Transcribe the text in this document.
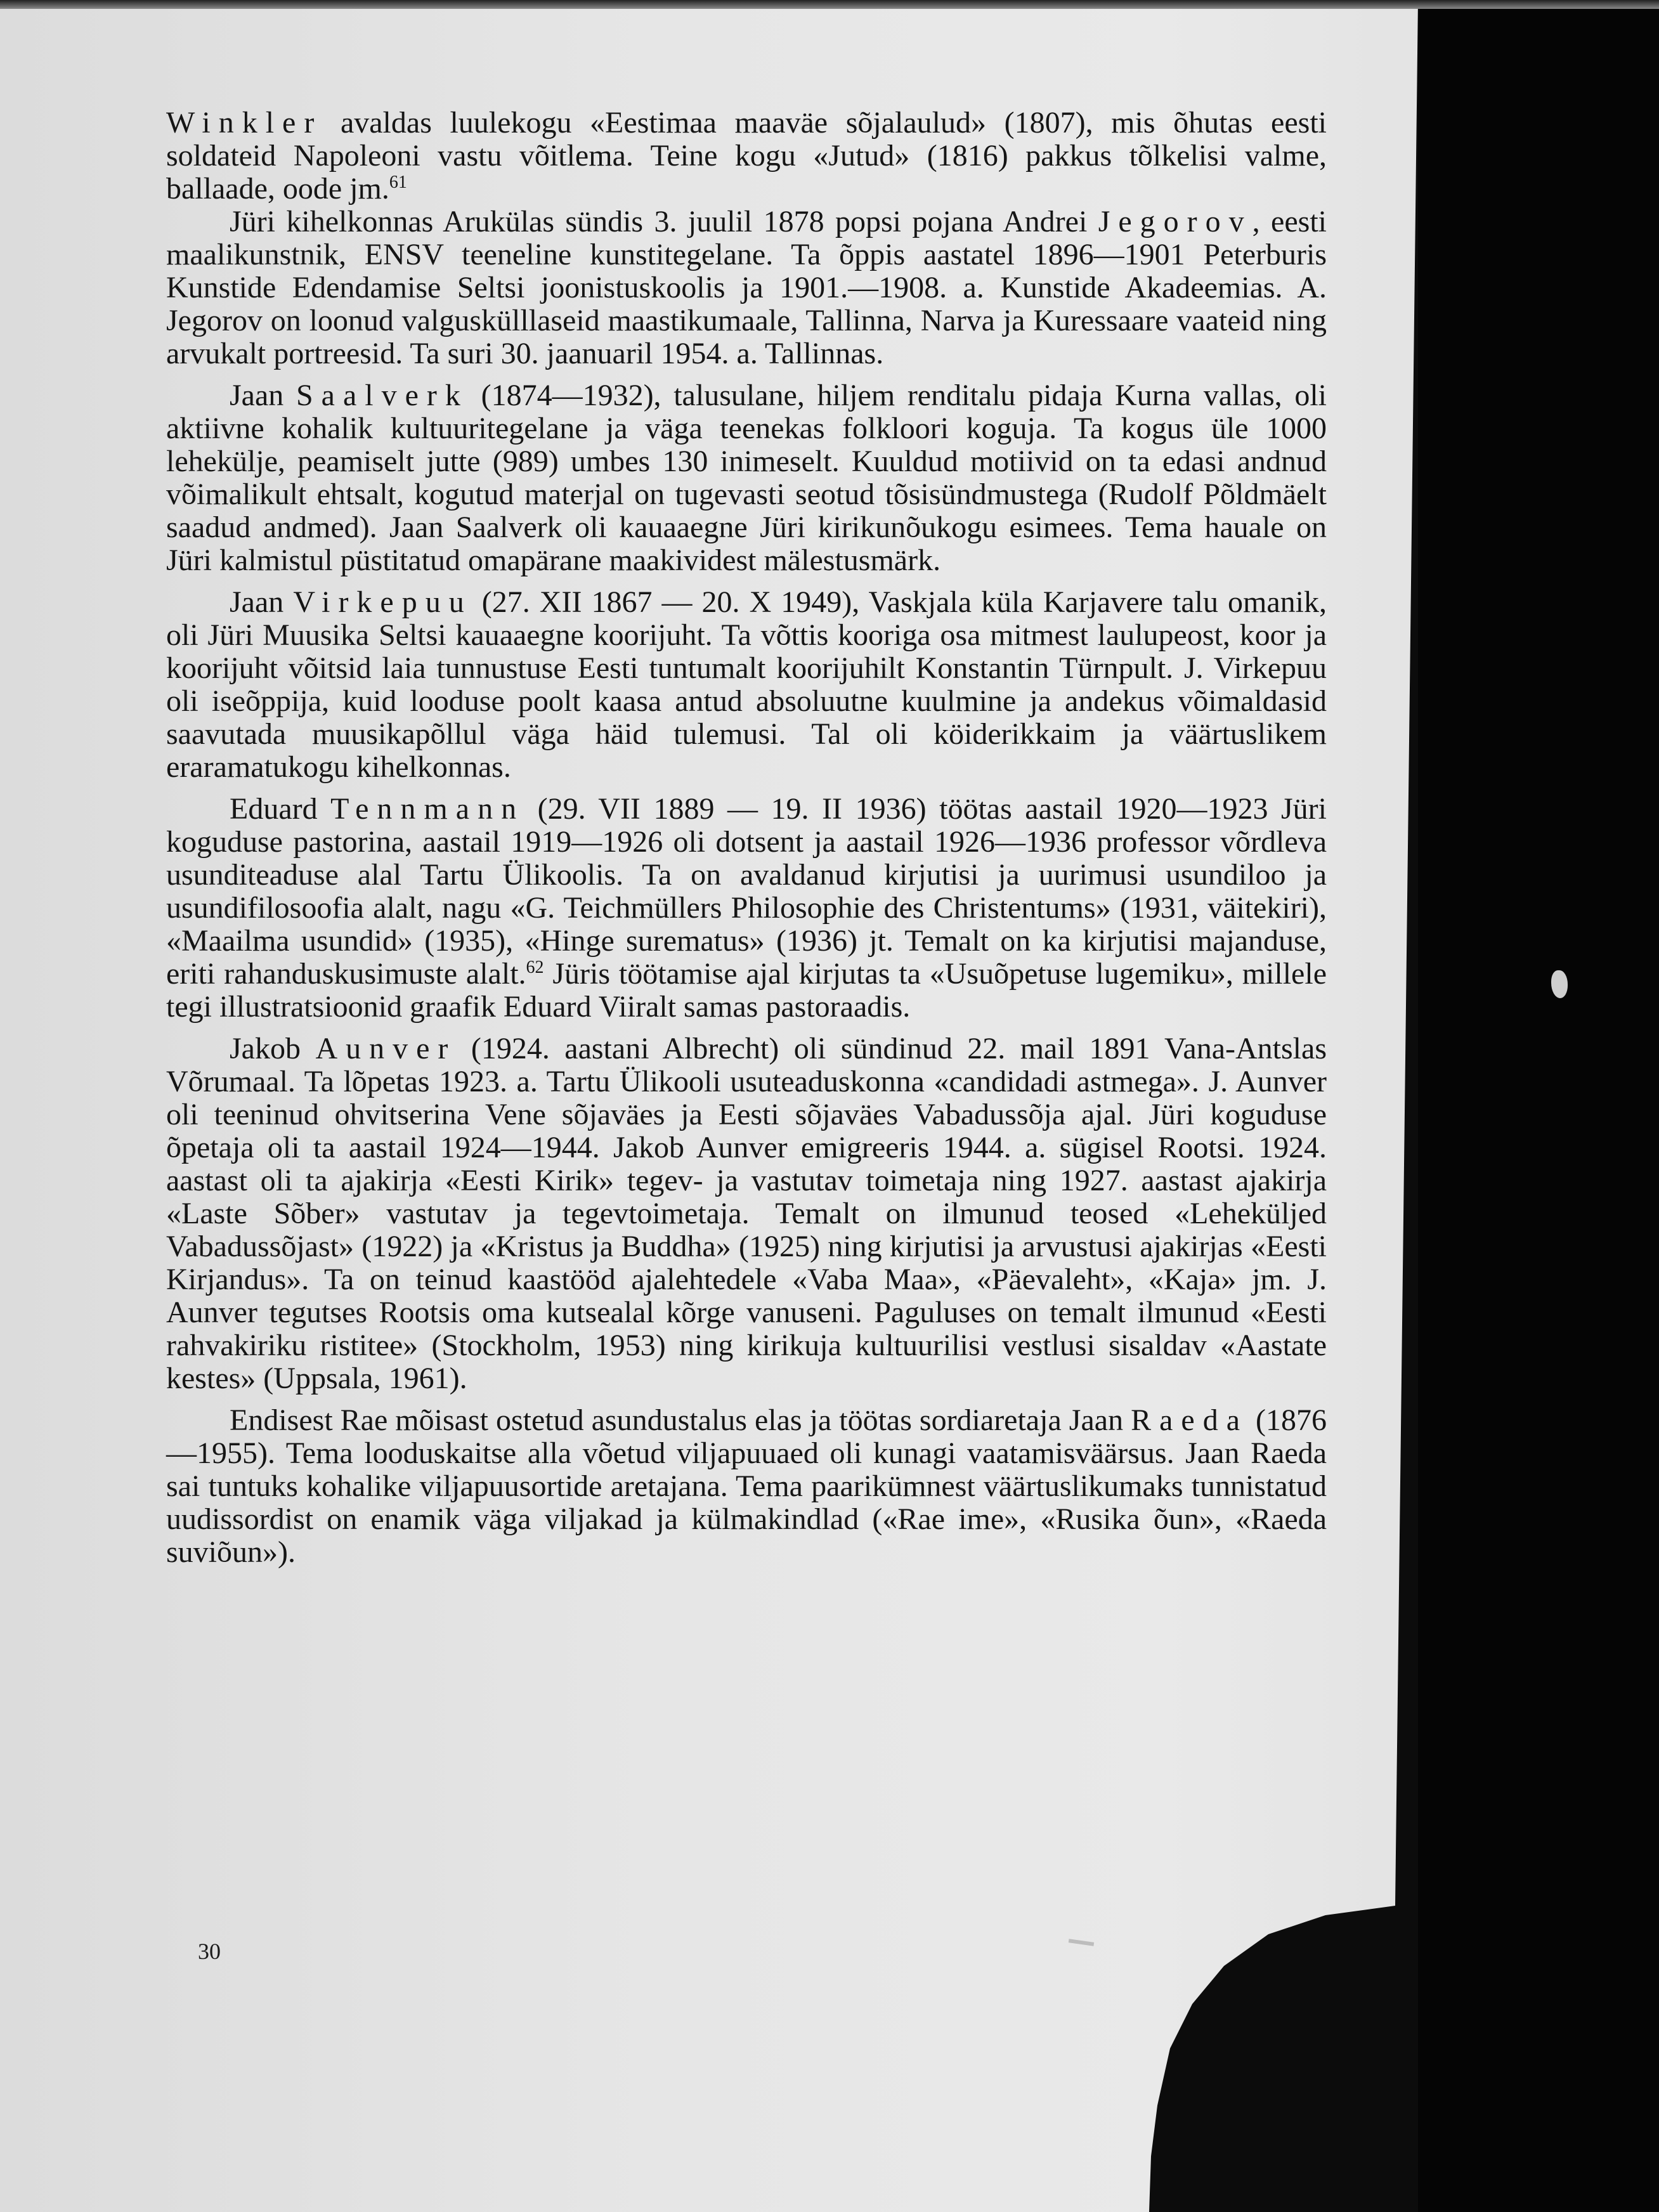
Winkler avaldas luulekogu «Eestimaa maaväe sõjalaulud» (1807), mis õhutas eesti soldateid Napoleoni vastu võitlema. Teine kogu «Jutud» (1816) pakkus tõlkelisi valme, ballaade, oode jm.$^{61}$

Jüri kihelkonnas Arukülas sündis 3. juulil 1878 popsi pojana Andrei Jegorov, eesti maalikunstnik, ENSV teeneline kunstitegelane. Ta õppis aastatel 1896—1901 Peterburis Kunstide Edendamise Seltsi joonistuskoolis ja 1901.—1908. a. Kunstide Akadeemias. A. Jegorov on loonud valguskülllaseid maastikumaale, Tallinna, Narva ja Kuressaare vaateid ning arvukalt portreesid. Ta suri 30. jaanuaril 1954. a. Tallinnas.

Jaan Saalverk (1874—1932), talusulane, hiljem renditalu pidaja Kurna vallas, oli aktiivne kohalik kultuuritegelane ja väga teenekas folkloori koguja. Ta kogus üle 1000 lehekülje, peamiselt jutte (989) umbes 130 inimeselt. Kuuldud motiivid on ta edasi andnud võimalikult ehtsalt, kogutud materjal on tugevasti seotud tõsisündmustega (Rudolf Põldmäelt saadud andmed). Jaan Saalverk oli kauaaegne Jüri kirikunõukogu esimees. Tema hauale on Jüri kalmistul püstitatud omapärane maakividest mälestusmärk.

Jaan Virkepuu (27. XII 1867 — 20. X 1949), Vaskjala küla Karjavere talu omanik, oli Jüri Muusika Seltsi kauaaegne koorijuht. Ta võttis kooriga osa mitmest laulupeost, koor ja koorijuht võitsid laia tunnustuse Eesti tuntumalt koorijuhilt Konstantin Türnpult. J. Virkepuu oli iseõppija, kuid looduse poolt kaasa antud absoluutne kuulmine ja andekus võimaldasid saavutada muusikapõllul väga häid tulemusi. Tal oli köiderikkaim ja väärtuslikem eraramatukogu kihelkonnas.

Eduard Tennmann (29. VII 1889 — 19. II 1936) töötas aastail 1920—1923 Jüri koguduse pastorina, aastail 1919—1926 oli dotsent ja aastail 1926—1936 professor võrdleva usunditeaduse alal Tartu Ülikoolis. Ta on avaldanud kirjutisi ja uurimusi usundiloo ja usundifilosoofia alalt, nagu «G. Teichmüllers Philosophie des Christentums» (1931, väitekiri), «Maailma usundid» (1935), «Hinge surematus» (1936) jt. Temalt on ka kirjutisi majanduse, eriti rahanduskusimuste alalt.$^{62}$ Jüris töötamise ajal kirjutas ta «Usuõpetuse lugemiku», millele tegi illustratsioonid graafik Eduard Viiralt samas pastoraadis.

Jakob Aunver (1924. aastani Albrecht) oli sündinud 22. mail 1891 Vana-Antslas Võrumaal. Ta lõpetas 1923. a. Tartu Ülikooli usuteaduskonna «candidadi astmega». J. Aunver oli teeninud ohvitserina Vene sõjaväes ja Eesti sõjaväes Vabadussõja ajal. Jüri koguduse õpetaja oli ta aastail 1924—1944. Jakob Aunver emigreeris 1944. a. sügisel Rootsi. 1924. aastast oli ta ajakirja «Eesti Kirik» tegev- ja vastutav toimetaja ning 1927. aastast ajakirja «Laste Sõber» vastutav ja tegevtoimetaja. Temalt on ilmunud teosed «Leheküljed Vabadussõjast» (1922) ja «Kristus ja Buddha» (1925) ning kirjutisi ja arvustusi ajakirjas «Eesti Kirjandus». Ta on teinud kaastööd ajalehtedele «Vaba Maa», «Päevaleht», «Kaja» jm. J. Aunver tegutses Rootsis oma kutsealal kõrge vanuseni. Paguluses on temalt ilmunud «Eesti rahvakiriku ristitee» (Stockholm, 1953) ning kirikuja kultuurilisi vestlusi sisaldav «Aastate kestes» (Uppsala, 1961).

Endisest Rae mõisast ostetud asundustalus elas ja töötas sordiaretaja Jaan Raeda (1876—1955). Tema looduskaitse alla võetud viljapuuaed oli kunagi vaatamisväärsus. Jaan Raeda sai tuntuks kohalike viljapuusortide aretajana. Tema paarikümnest väärtuslikumaks tunnistatud uudissordist on enamik väga viljakad ja külmakindlad («Rae ime», «Rusika õun», «Raeda suviõun»).

30
